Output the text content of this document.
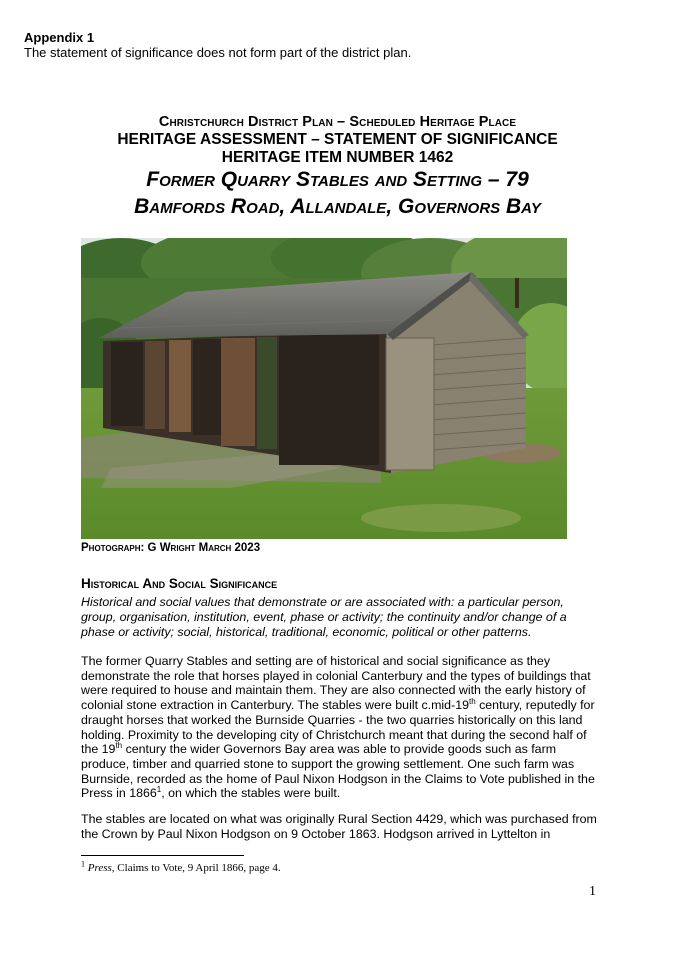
Appendix 1
The statement of significance does not form part of the district plan.
Christchurch District Plan – Scheduled Heritage Place
HERITAGE ASSESSMENT – STATEMENT OF SIGNIFICANCE
HERITAGE ITEM NUMBER 1462
Former Quarry Stables and Setting – 79
Bamfords Road, Allandale, Governors Bay
Photograph: G Wright March 2023
Historical And Social Significance
Historical and social values that demonstrate or are associated with: a particular person, group, organisation, institution, event, phase or activity; the continuity and/or change of a phase or activity; social, historical, traditional, economic, political or other patterns.
The former Quarry Stables and setting are of historical and social significance as they demonstrate the role that horses played in colonial Canterbury and the types of buildings that were required to house and maintain them. They are also connected with the early history of colonial stone extraction in Canterbury. The stables were built c.mid-19th century, reputedly for draught horses that worked the Burnside Quarries - the two quarries historically on this land holding. Proximity to the developing city of Christchurch meant that during the second half of the 19th century the wider Governors Bay area was able to provide goods such as farm produce, timber and quarried stone to support the growing settlement. One such farm was Burnside, recorded as the home of Paul Nixon Hodgson in the Claims to Vote published in the Press in 1866$^1$, on which the stables were built.
The stables are located on what was originally Rural Section 4429, which was purchased from the Crown by Paul Nixon Hodgson on 9 October 1863. Hodgson arrived in Lyttelton in
$^1$ Press, Claims to Vote, 9 April 1866, page 4.
1
